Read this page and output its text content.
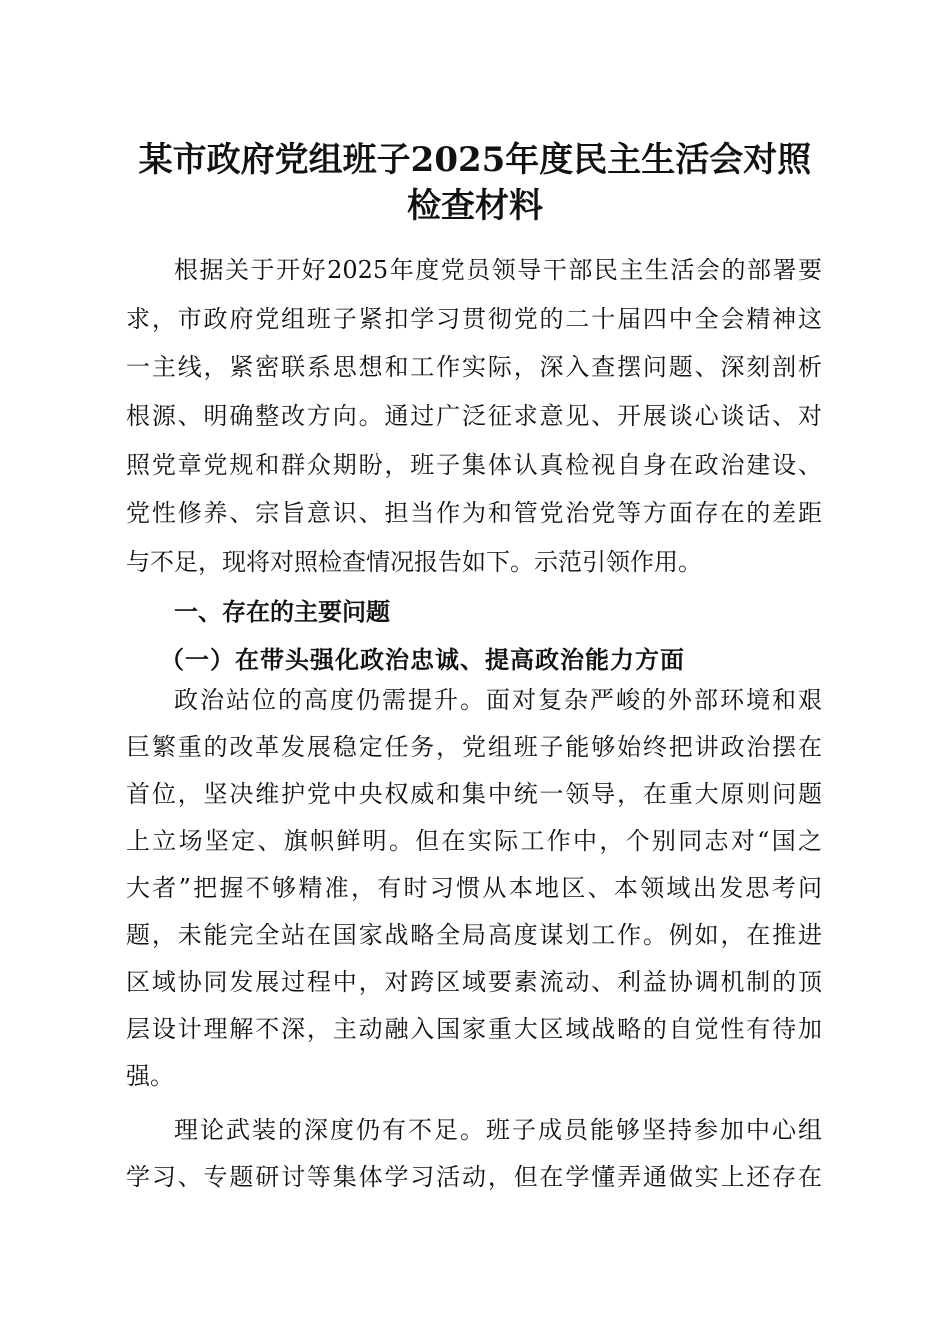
某市政府党组班子2025年度民主生活会对照
检查材料
根据关于开好2025年度党员领导干部民主生活会的部署要
求，市政府党组班子紧扣学习贯彻党的二十届四中全会精神这
一主线，紧密联系思想和工作实际，深入查摆问题、深刻剖析
根源、明确整改方向。通过广泛征求意见、开展谈心谈话、对
照党章党规和群众期盼，班子集体认真检视自身在政治建设、
党性修养、宗旨意识、担当作为和管党治党等方面存在的差距
与不足，现将对照检查情况报告如下。示范引领作用。
一、存在的主要问题
（一）在带头强化政治忠诚、提高政治能力方面
政治站位的高度仍需提升。面对复杂严峻的外部环境和艰
巨繁重的改革发展稳定任务，党组班子能够始终把讲政治摆在
首位，坚决维护党中央权威和集中统一领导，在重大原则问题
上立场坚定、旗帜鲜明。但在实际工作中，个别同志对“国之
大者”把握不够精准，有时习惯从本地区、本领域出发思考问
题，未能完全站在国家战略全局高度谋划工作。例如，在推进
区域协同发展过程中，对跨区域要素流动、利益协调机制的顶
层设计理解不深，主动融入国家重大区域战略的自觉性有待加
强。
理论武装的深度仍有不足。班子成员能够坚持参加中心组
学习、专题研讨等集体学习活动，但在学懂弄通做实上还存在
